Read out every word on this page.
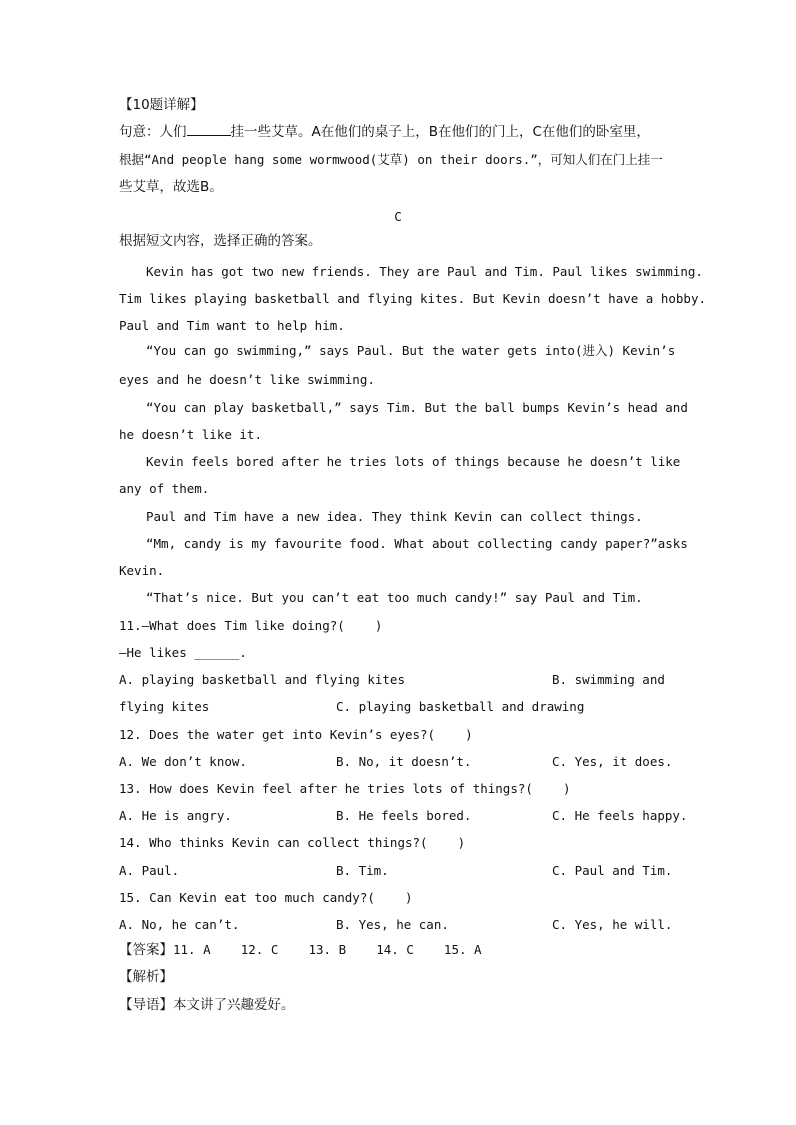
【10题详解】
句意：人们	挂一些艾草。A在他们的桌子上，B在他们的门上，C在他们的卧室里，
根据“And people hang some wormwood(艾草) on their doors.”，可知人们在门上挂一
些艾草，故选B。
C
根据短文内容，选择正确的答案。
Kevin has got two new friends. They are Paul and Tim. Paul likes swimming.
Tim likes playing basketball and flying kites. But Kevin doesn’t have a hobby.
Paul and Tim want to help him.
“You can go swimming,” says Paul. But the water gets into(进入) Kevin’s
eyes and he doesn’t like swimming.
“You can play basketball,” says Tim. But the ball bumps Kevin’s head and
he doesn’t like it.
Kevin feels bored after he tries lots of things because he doesn’t like
any of them.
Paul and Tim have a new idea. They think Kevin can collect things.
“Mm, candy is my favourite food. What about collecting candy paper?”asks
Kevin.
“That’s nice. But you can’t eat too much candy!” say Paul and Tim.
11.—What does Tim like doing?(    )
—He likes ______.
A. playing basketball and flying kites	B. swimming and
flying kites	C. playing basketball and drawing
12. Does the water get into Kevin’s eyes?(    )
A. We don’t know.	B. No, it doesn’t.	C. Yes, it does.
13. How does Kevin feel after he tries lots of things?(    )
A. He is angry.	B. He feels bored.	C. He feels happy.
14. Who thinks Kevin can collect things?(    )
A. Paul.	B. Tim.	C. Paul and Tim.
15. Can Kevin eat too much candy?(    )
A. No, he can’t.	B. Yes, he can.	C. Yes, he will.
【答案】11. A    12. C    13. B    14. C    15. A
【解析】
【导语】本文讲了兴趣爱好。
